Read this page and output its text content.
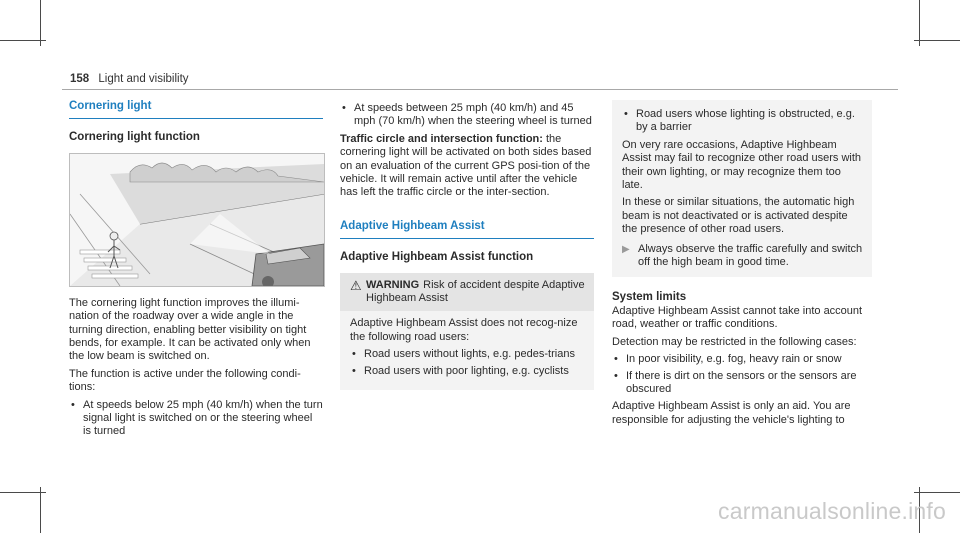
158 Light and visibility
Cornering light
Cornering light function

The cornering light function improves the illumi-nation of the roadway over a wide angle in the turning direction, enabling better visibility on tight bends, for example. It can be activated only when the low beam is switched on.

The function is active under the following condi-tions:

• At speeds below 25 mph (40 km/h) when the turn signal light is switched on or the steering wheel is turned
• At speeds between 25 mph (40 km/h) and 45 mph (70 km/h) when the steering wheel is turned

Traffic circle and intersection function: the cornering light will be activated on both sides based on an evaluation of the current GPS posi-tion of the vehicle. It will remain active until after the vehicle has left the traffic circle or the inter-section.

Adaptive Highbeam Assist
Adaptive Highbeam Assist function
⚠ WARNING Risk of accident despite Adaptive Highbeam Assist

Adaptive Highbeam Assist does not recog-nize the following road users:

• Road users without lights, e.g. pedes-trians
• Road users with poor lighting, e.g. cyclists
• Road users whose lighting is obstructed, e.g. by a barrier

On very rare occasions, Adaptive Highbeam Assist may fail to recognize other road users with their own lighting, or may recognize them too late.

In these or similar situations, the automatic high beam is not deactivated or is activated despite the presence of other road users.

▶ Always observe the traffic carefully and switch off the high beam in good time.
System limits

Adaptive Highbeam Assist cannot take into account road, weather or traffic conditions.

Detection may be restricted in the following cases:

• In poor visibility, e.g. fog, heavy rain or snow
• If there is dirt on the sensors or the sensors are obscured

Adaptive Highbeam Assist is only an aid. You are responsible for adjusting the vehicle's lighting to

carmanualsonline.info
